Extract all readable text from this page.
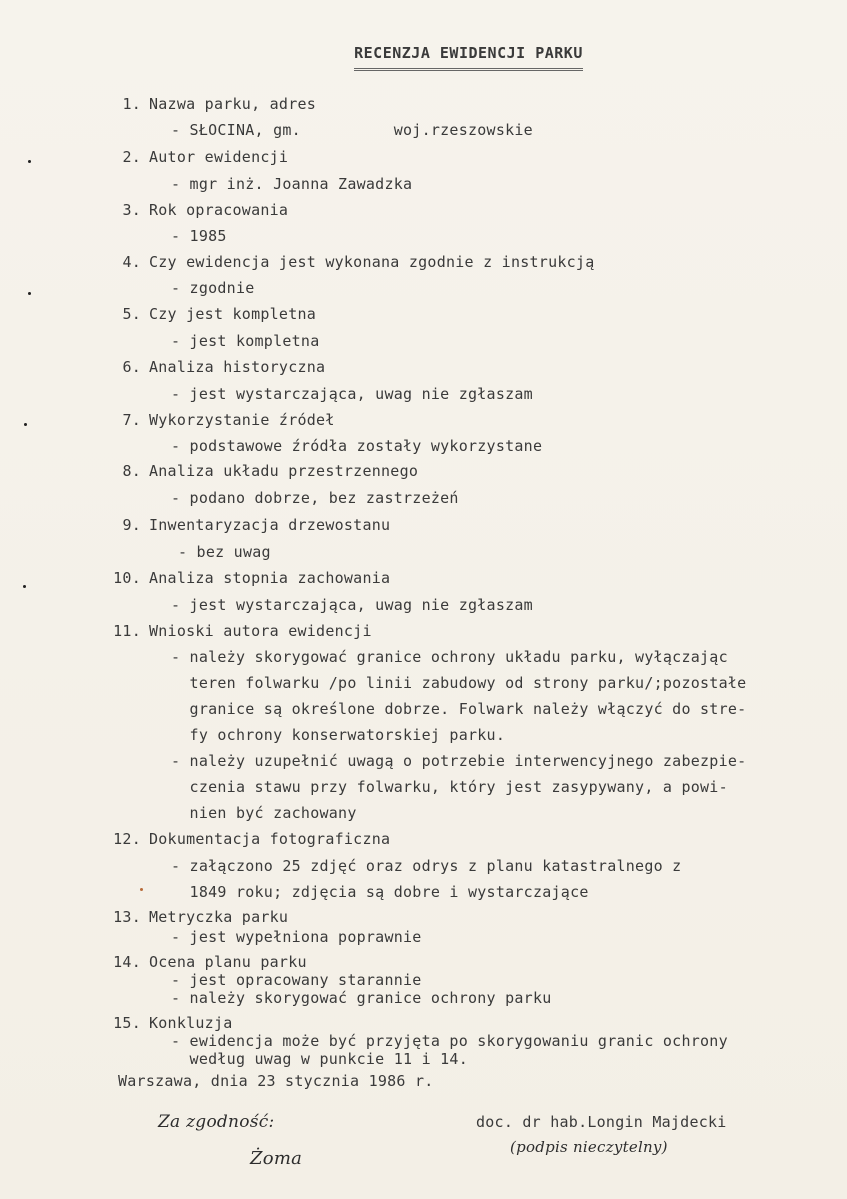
RECENZJA EWIDENCJI PARKU
1. Nazwa parku, adres
- SŁOCINA, gm.          woj.rzeszowskie
2. Autor ewidencji
- mgr inż. Joanna Zawadzka
3. Rok opracowania
- 1985
4. Czy ewidencja jest wykonana zgodnie z instrukcją
- zgodnie
5. Czy jest kompletna
- jest kompletna
6. Analiza historyczna
- jest wystarczająca, uwag nie zgłaszam
7. Wykorzystanie źródeł
- podstawowe źródła zostały wykorzystane
8. Analiza układu przestrzennego
- podano dobrze, bez zastrzeżeń
9. Inwentaryzacja drzewostanu
- bez uwag
10. Analiza stopnia zachowania
- jest wystarczająca, uwag nie zgłaszam
11. Wnioski autora ewidencji
- należy skorygować granice ochrony układu parku, wyłączając
teren folwarku /po linii zabudowy od strony parku/;pozostałe
granice są określone dobrze. Folwark należy włączyć do stre-
fy ochrony konserwatorskiej parku.
- należy uzupełnić uwagą o potrzebie interwencyjnego zabezpie-
czenia stawu przy folwarku, który jest zasypywany, a powi-
nien być zachowany
12. Dokumentacja fotograficzna
- załączono 25 zdjęć oraz odrys z planu katastralnego z
1849 roku; zdjęcia są dobre i wystarczające
13. Metryczka parku
- jest wypełniona poprawnie
14. Ocena planu parku
- jest opracowany starannie
- należy skorygować granice ochrony parku
15. Konkluzja
- ewidencja może być przyjęta po skorygowaniu granic ochrony
według uwag w punkcie 11 i 14.
Warszawa, dnia 23 stycznia 1986 r.
Za zgodność:
Żoma
doc. dr hab.Longin Majdecki
(podpis nieczytelny)
